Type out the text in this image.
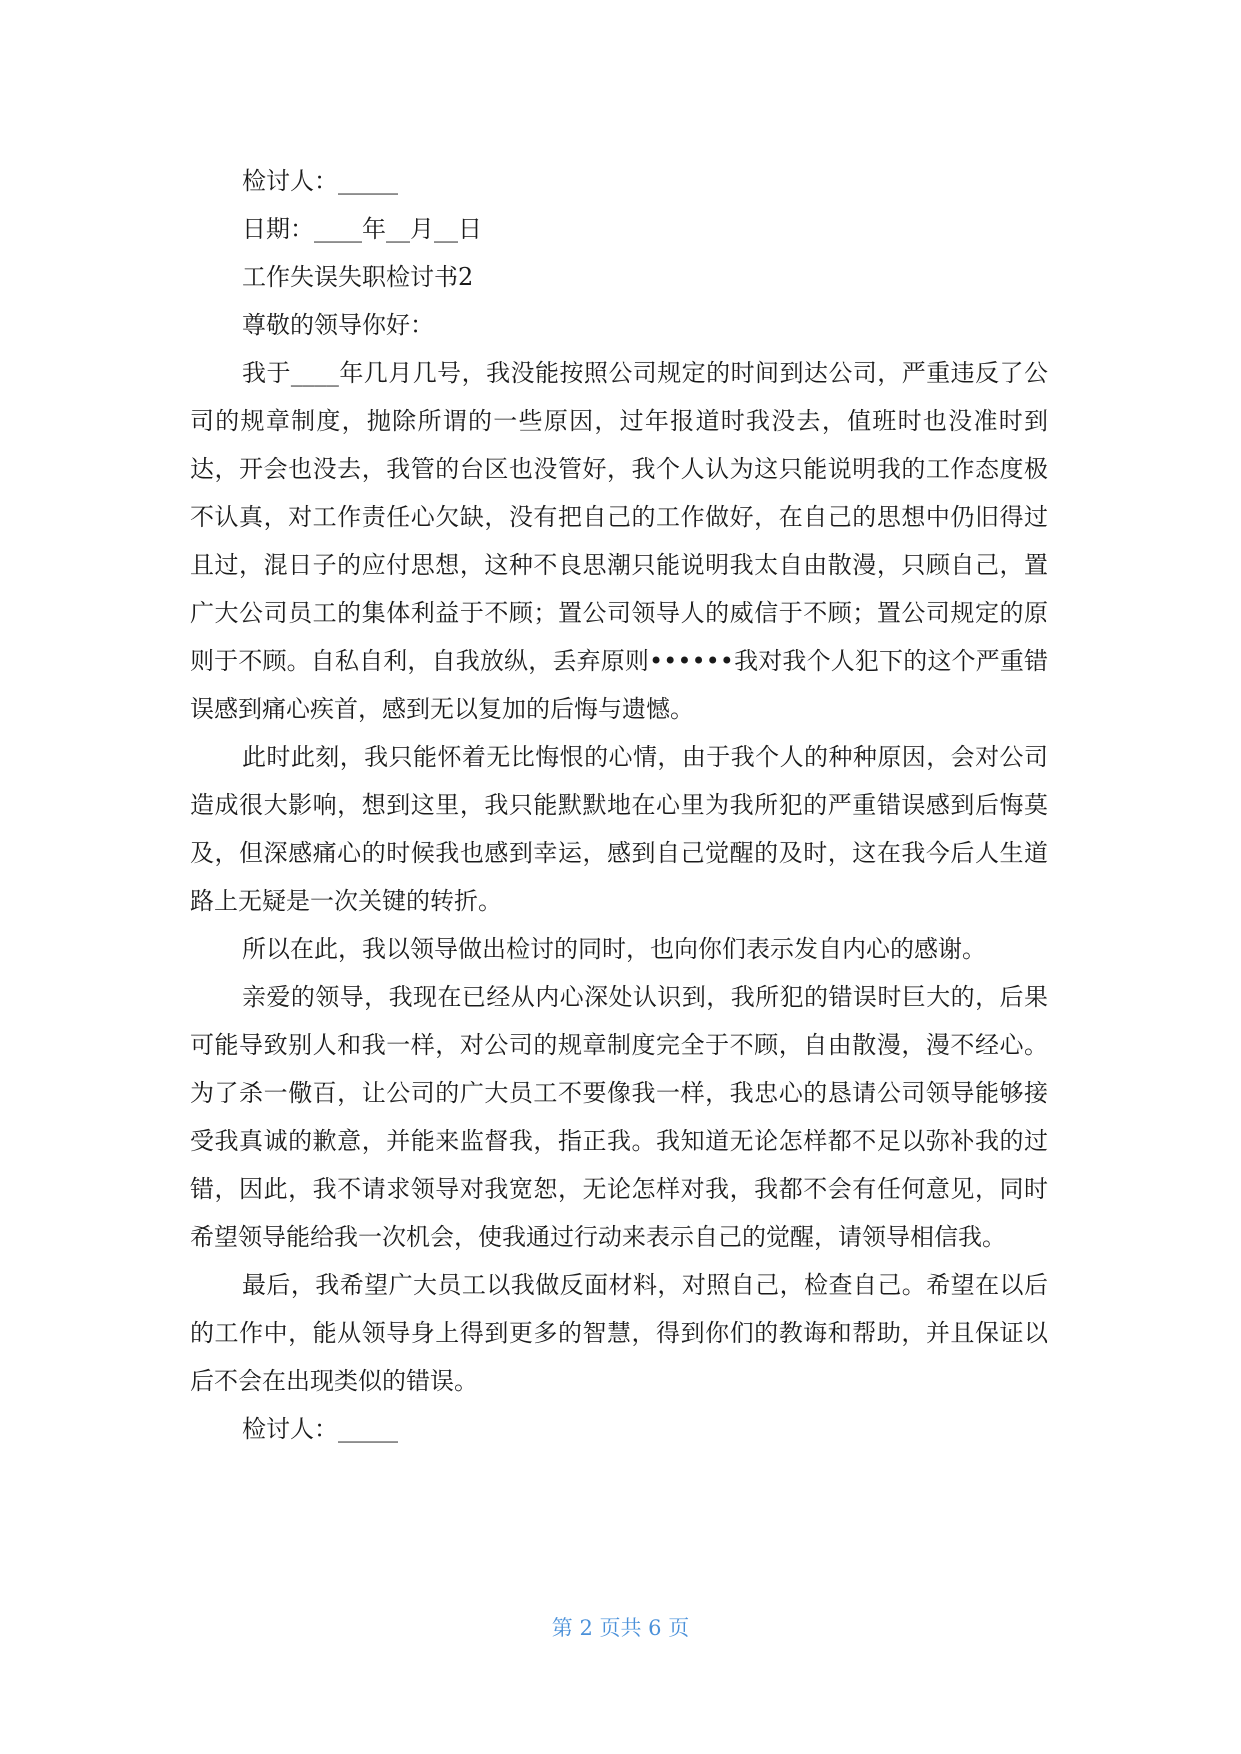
检讨人：_____
日期：____年__月__日
工作失误失职检讨书2
尊敬的领导你好：
我于____年几月几号，我没能按照公司规定的时间到达公司，严重违反了公司的规章制度，抛除所谓的一些原因，过年报道时我没去，值班时也没准时到达，开会也没去，我管的台区也没管好，我个人认为这只能说明我的工作态度极不认真，对工作责任心欠缺，没有把自己的工作做好，在自己的思想中仍旧得过且过，混日子的应付思想，这种不良思潮只能说明我太自由散漫，只顾自己，置广大公司员工的集体利益于不顾；置公司领导人的威信于不顾；置公司规定的原则于不顾。自私自利，自我放纵，丢弃原则••••••我对我个人犯下的这个严重错误感到痛心疾首，感到无以复加的后悔与遗憾。
此时此刻，我只能怀着无比悔恨的心情，由于我个人的种种原因，会对公司造成很大影响，想到这里，我只能默默地在心里为我所犯的严重错误感到后悔莫及，但深感痛心的时候我也感到幸运，感到自己觉醒的及时，这在我今后人生道路上无疑是一次关键的转折。
所以在此，我以领导做出检讨的同时，也向你们表示发自内心的感谢。
亲爱的领导，我现在已经从内心深处认识到，我所犯的错误时巨大的，后果可能导致别人和我一样，对公司的规章制度完全于不顾，自由散漫，漫不经心。为了杀一儆百，让公司的广大员工不要像我一样，我忠心的恳请公司领导能够接受我真诚的歉意，并能来监督我，指正我。我知道无论怎样都不足以弥补我的过错，因此，我不请求领导对我宽恕，无论怎样对我，我都不会有任何意见，同时希望领导能给我一次机会，使我通过行动来表示自己的觉醒，请领导相信我。
最后，我希望广大员工以我做反面材料，对照自己，检查自己。希望在以后的工作中，能从领导身上得到更多的智慧，得到你们的教诲和帮助，并且保证以后不会在出现类似的错误。
检讨人：_____
第 2 页共 6 页
